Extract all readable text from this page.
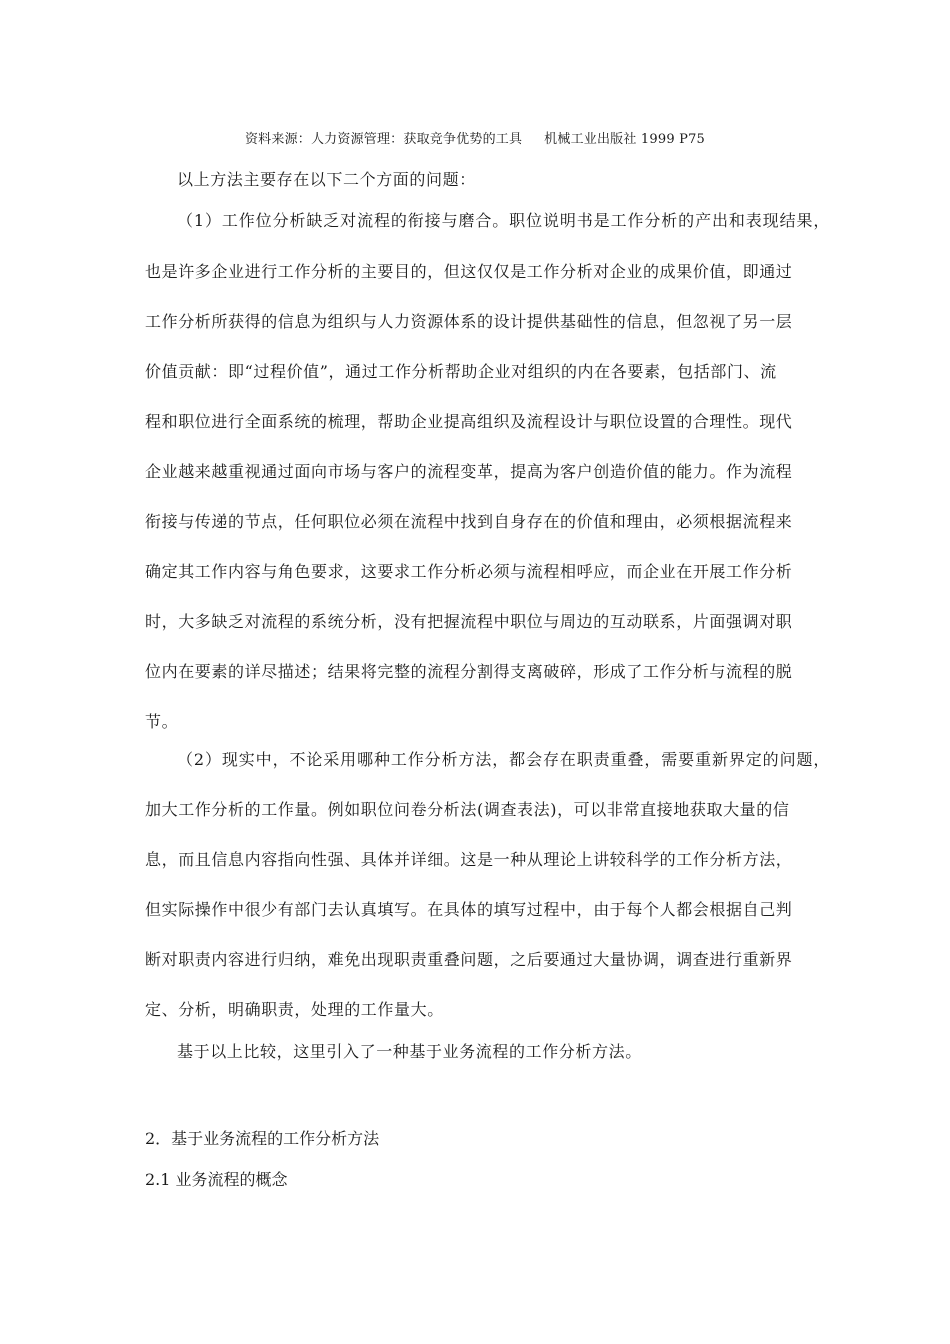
资料来源：人力资源管理：获取竞争优势的工具 机械工业出版社 1999 P75
以上方法主要存在以下二个方面的问题：
（1）工作位分析缺乏对流程的衔接与磨合。职位说明书是工作分析的产出和表现结果，
也是许多企业进行工作分析的主要目的，但这仅仅是工作分析对企业的成果价值，即通过
工作分析所获得的信息为组织与人力资源体系的设计提供基础性的信息，但忽视了另一层
价值贡献：即“过程价值”，通过工作分析帮助企业对组织的内在各要素，包括部门、流
程和职位进行全面系统的梳理，帮助企业提高组织及流程设计与职位设置的合理性。现代
企业越来越重视通过面向市场与客户的流程变革，提高为客户创造价值的能力。作为流程
衔接与传递的节点，任何职位必须在流程中找到自身存在的价值和理由，必须根据流程来
确定其工作内容与角色要求，这要求工作分析必须与流程相呼应，而企业在开展工作分析
时，大多缺乏对流程的系统分析，没有把握流程中职位与周边的互动联系，片面强调对职
位内在要素的详尽描述；结果将完整的流程分割得支离破碎，形成了工作分析与流程的脱
节。
（2）现实中，不论采用哪种工作分析方法，都会存在职责重叠，需要重新界定的问题，
加大工作分析的工作量。例如职位问卷分析法(调查表法)，可以非常直接地获取大量的信
息，而且信息内容指向性强、具体并详细。这是一种从理论上讲较科学的工作分析方法，
但实际操作中很少有部门去认真填写。在具体的填写过程中，由于每个人都会根据自己判
断对职责内容进行归纳，难免出现职责重叠问题，之后要通过大量协调，调查进行重新界
定、分析，明确职责，处理的工作量大。
基于以上比较，这里引入了一种基于业务流程的工作分析方法。
2．基于业务流程的工作分析方法
2.1 业务流程的概念
